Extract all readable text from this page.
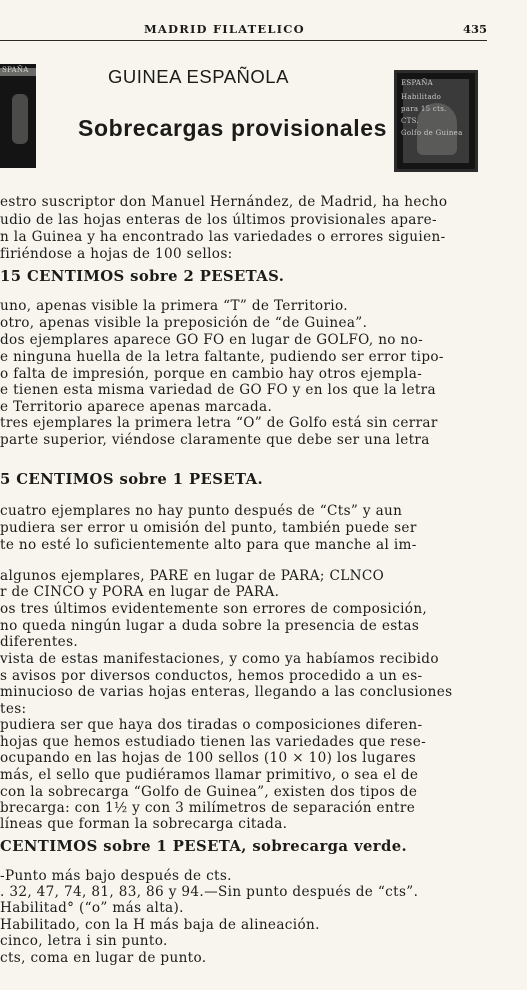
MADRID FILATELICO	435
SPAÑA
ESPAÑA
Habilitado
para 15 cts.
CTS.
Golfo de Guinea
GUINEA ESPAÑOLA
Sobrecargas provisionales
estro suscriptor don Manuel Hernández, de Madrid, ha hecho
udio de las hojas enteras de los últimos provisionales apare-
n la Guinea y ha encontrado las variedades o errores siguien-
firiéndose a hojas de 100 sellos:
15 CENTIMOS sobre 2 PESETAS.
uno, apenas visible la primera “T” de Territorio.
otro, apenas visible la preposición de “de Guinea”.
dos ejemplares aparece GO FO en lugar de GOLFO, no no-
e ninguna huella de la letra faltante, pudiendo ser error tipo-
o falta de impresión, porque en cambio hay otros ejempla-
e tienen esta misma variedad de GO FO y en los que la letra
e Territorio aparece apenas marcada.
tres ejemplares la primera letra “O” de Golfo está sin cerrar
parte superior, viéndose claramente que debe ser una letra
5 CENTIMOS sobre 1 PESETA.
cuatro ejemplares no hay punto después de “Cts” y aun
pudiera ser error u omisión del punto, también puede ser
te no esté lo suficientemente alto para que manche al im-
algunos ejemplares, PARE en lugar de PARA; CLNCO
r de CINCO y PORA en lugar de PARA.
os tres últimos evidentemente son errores de composición,
no queda ningún lugar a duda sobre la presencia de estas
diferentes.
vista de estas manifestaciones, y como ya habíamos recibido
s avisos por diversos conductos, hemos procedido a un es-
minucioso de varias hojas enteras, llegando a las conclusiones
tes:
pudiera ser que haya dos tiradas o composiciones diferen-
hojas que hemos estudiado tienen las variedades que rese-
ocupando en las hojas de 100 sellos (10 × 10) los lugares
más, el sello que pudiéramos llamar primitivo, o sea el de
con la sobrecarga “Golfo de Guinea”, existen dos tipos de
brecarga: con 1½ y con 3 milímetros de separación entre
líneas que forman la sobrecarga citada.
CENTIMOS sobre 1 PESETA, sobrecarga verde.
-Punto más bajo después de cts.
. 32, 47, 74, 81, 83, 86 y 94.—Sin punto después de “cts”.
Habilitad° (“o” más alta).
Habilitado, con la H más baja de alineación.
cinco, letra i sin punto.
cts, coma en lugar de punto.
